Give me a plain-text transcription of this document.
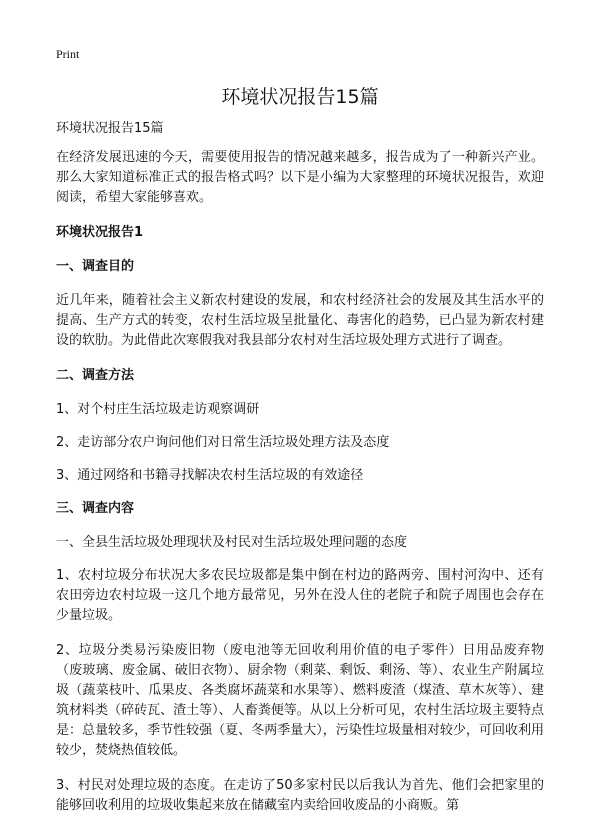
Print
环境状况报告15篇
环境状况报告15篇

在经济发展迅速的今天，需要使用报告的情况越来越多，报告成为了一种新兴产业。那么大家知道标准正式的报告格式吗？以下是小编为大家整理的环境状况报告，欢迎阅读，希望大家能够喜欢。

环境状况报告1
一、调查目的

近几年来，随着社会主义新农村建设的发展，和农村经济社会的发展及其生活水平的提高、生产方式的转变，农村生活垃圾呈批量化、毒害化的趋势，已凸显为新农村建设的软肋。为此借此次寒假我对我县部分农村对生活垃圾处理方式进行了调查。

二、调查方法
1、对个村庄生活垃圾走访观察调研
2、走访部分农户询问他们对日常生活垃圾处理方法及态度
3、通过网络和书籍寻找解决农村生活垃圾的有效途径
三、调查内容
一、全县生活垃圾处理现状及村民对生活垃圾处理问题的态度

1、农村垃圾分布状况大多农民垃圾都是集中倒在村边的路两旁、围村河沟中、还有农田旁边农村垃圾一这几个地方最常见，另外在没人住的老院子和院子周围也会存在少量垃圾。

2、垃圾分类易污染废旧物（废电池等无回收利用价值的电子零件）日用品废弃物（废玻璃、废金属、破旧衣物）、厨余物（剩菜、剩饭、剩汤、等）、农业生产附属垃圾（蔬菜枝叶、瓜果皮、各类腐坏蔬菜和水果等）、燃料废渣（煤渣、草木灰等）、建筑材料类（碎砖瓦、渣土等）、人畜粪便等。从以上分析可见，农村生活垃圾主要特点是：总量较多，季节性较强（夏、冬两季量大），污染性垃圾量相对较少，可回收利用较少，焚烧热值较低。

3、村民对处理垃圾的态度。在走访了50多家村民以后我认为首先、他们会把家里的能够回收利用的垃圾收集起来放在储藏室内卖给回收废品的小商贩。第
